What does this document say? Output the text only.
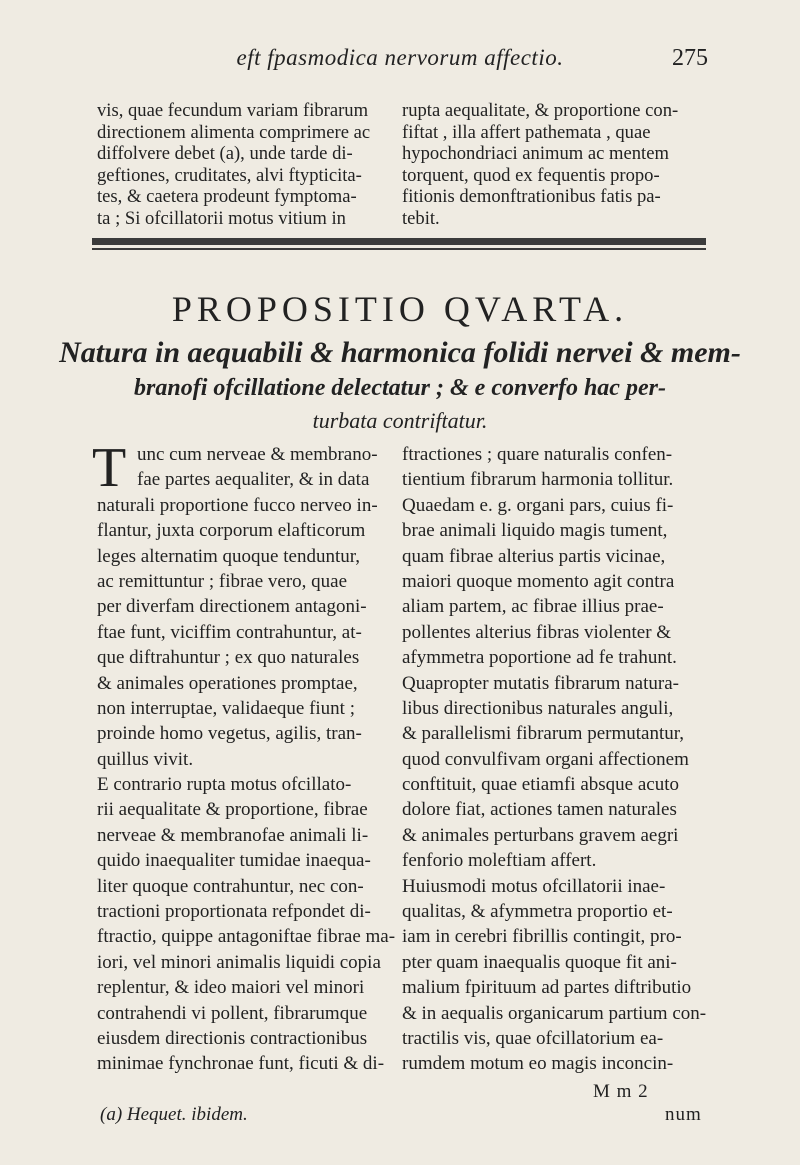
eft fpasmodica nervorum affectio.	275
vis, quae fecundum variam fibrarum
directionem alimenta comprimere ac
diffolvere debet (a), unde tarde di-
geftiones, cruditates, alvi ftypticita-
tes, & caetera prodeunt fymptoma-
ta ; Si ofcillatorii motus vitium in
rupta aequalitate, & proportione con-
fiftat , illa affert pathemata , quae
hypochondriaci animum ac mentem
torquent, quod ex fequentis propo-
fitionis demonftrationibus fatis pa-
tebit.
PROPOSITIO QVARTA.
Natura in aequabili & harmonica folidi nervei & mem-
branofi ofcillatione delectatur ; & e converfo hac per-
turbata contriftatur.
T unc cum nerveae & membrano-
fae partes aequaliter, & in data
naturali proportione fucco nerveo in-
flantur, juxta corporum elafticorum
leges alternatim quoque tenduntur,
ac remittuntur ; fibrae vero, quae
per diverfam directionem antagoni-
ftae funt, viciffim contrahuntur, at-
que diftrahuntur ; ex quo naturales
& animales operationes promptae,
non interruptae, validaeque fiunt ;
proinde homo vegetus, agilis, tran-
quillus vivit.
E contrario rupta motus ofcillato-
rii aequalitate & proportione, fibrae
nerveae & membranofae animali li-
quido inaequaliter tumidae inaequa-
liter quoque contrahuntur, nec con-
tractioni proportionata refpondet di-
ftractio, quippe antagoniftae fibrae ma-
iori, vel minori animalis liquidi copia
replentur, & ideo maiori vel minori
contrahendi vi pollent, fibrarumque
eiusdem directionis contractionibus
minimae fynchronae funt, ficuti & di-
ftractiones ; quare naturalis confen-
tientium fibrarum harmonia tollitur.
Quaedam e. g. organi pars, cuius fi-
brae animali liquido magis tument,
quam fibrae alterius partis vicinae,
maiori quoque momento agit contra
aliam partem, ac fibrae illius prae-
pollentes alterius fibras violenter &
afymmetra poportione ad fe trahunt.
Quapropter mutatis fibrarum natura-
libus directionibus naturales anguli,
& parallelismi fibrarum permutantur,
quod convulfivam organi affectionem
conftituit, quae etiamfi absque acuto
dolore fiat, actiones tamen naturales
& animales perturbans gravem aegri
fenforio moleftiam affert.
Huiusmodi motus ofcillatorii inae-
qualitas, & afymmetra proportio et-
iam in cerebri fibrillis contingit, pro-
pter quam inaequalis quoque fit ani-
malium fpirituum ad partes diftributio
& in aequalis organicarum partium con-
tractilis vis, quae ofcillatorium ea-
rumdem motum eo magis inconcin-
(a) Hequet. ibidem.
M m 2
num
